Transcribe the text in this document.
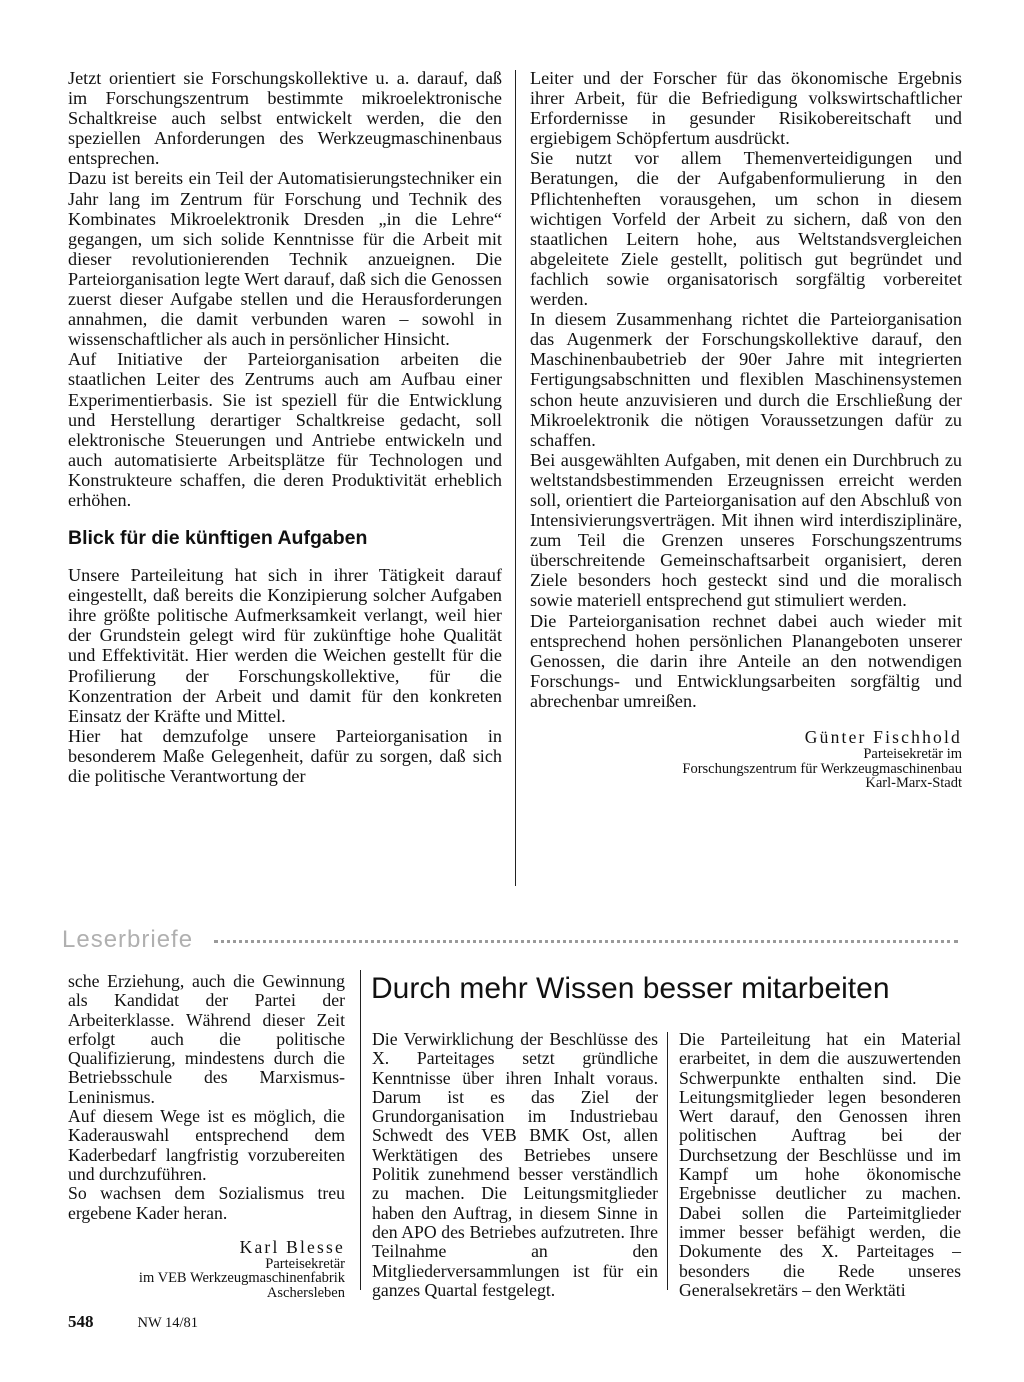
Jetzt orientiert sie Forschungskollektive u. a. darauf, daß im Forschungszentrum bestimmte mikroelektronische Schaltkreise auch selbst entwickelt werden, die den speziellen Anforderungen des Werkzeugmaschinenbaus entsprechen.

Dazu ist bereits ein Teil der Automatisierungstechniker ein Jahr lang im Zentrum für Forschung und Technik des Kombinates Mikroelektronik Dresden „in die Lehre“ gegangen, um sich solide Kenntnisse für die Arbeit mit dieser revolutionierenden Technik anzueignen. Die Parteiorganisation legte Wert darauf, daß sich die Genossen zuerst dieser Aufgabe stellen und die Herausforderungen annahmen, die damit verbunden waren – sowohl in wissenschaftlicher als auch in persönlicher Hinsicht.

Auf Initiative der Parteiorganisation arbeiten die staatlichen Leiter des Zentrums auch am Aufbau einer Experimentierbasis. Sie ist speziell für die Entwicklung und Herstellung derartiger Schaltkreise gedacht, soll elektronische Steuerungen und Antriebe entwickeln und auch automatisierte Arbeitsplätze für Technologen und Konstrukteure schaffen, die deren Produktivität erheblich erhöhen.

Blick für die künftigen Aufgaben

Unsere Parteileitung hat sich in ihrer Tätigkeit darauf eingestellt, daß bereits die Konzipierung solcher Aufgaben ihre größte politische Aufmerksamkeit verlangt, weil hier der Grundstein gelegt wird für zukünftige hohe Qualität und Effektivität. Hier werden die Weichen gestellt für die Profilierung der Forschungskollektive, für die Konzentration der Arbeit und damit für den konkreten Einsatz der Kräfte und Mittel.

Hier hat demzufolge unsere Parteiorganisation in besonderem Maße Gelegenheit, dafür zu sorgen, daß sich die politische Verantwortung der

Leiter und der Forscher für das ökonomische Ergebnis ihrer Arbeit, für die Befriedigung volkswirtschaftlicher Erfordernisse in gesunder Risikobereitschaft und ergiebigem Schöpfertum ausdrückt.

Sie nutzt vor allem Themenverteidigungen und Beratungen, die der Aufgabenformulierung in den Pflichtenheften vorausgehen, um schon in diesem wichtigen Vorfeld der Arbeit zu sichern, daß von den staatlichen Leitern hohe, aus Weltstandsvergleichen abgeleitete Ziele gestellt, politisch gut begründet und fachlich sowie organisatorisch sorgfältig vorbereitet werden.

In diesem Zusammenhang richtet die Parteiorganisation das Augenmerk der Forschungskollektive darauf, den Maschinenbaubetrieb der 90er Jahre mit integrierten Fertigungsabschnitten und flexiblen Maschinensystemen schon heute anzuvisieren und durch die Erschließung der Mikroelektronik die nötigen Voraussetzungen dafür zu schaffen.

Bei ausgewählten Aufgaben, mit denen ein Durchbruch zu weltstandsbestimmenden Erzeugnissen erreicht werden soll, orientiert die Parteiorganisation auf den Abschluß von Intensivierungsverträgen. Mit ihnen wird interdisziplinäre, zum Teil die Grenzen unseres Forschungszentrums überschreitende Gemeinschaftsarbeit organisiert, deren Ziele besonders hoch gesteckt sind und die moralisch sowie materiell entsprechend gut stimuliert werden.

Die Parteiorganisation rechnet dabei auch wieder mit entsprechend hohen persönlichen Planangeboten unserer Genossen, die darin ihre Anteile an den notwendigen Forschungs- und Entwicklungsarbeiten sorgfältig und abrechenbar umreißen.

Günter Fischhold
Parteisekretär im
Forschungszentrum für Werkzeugmaschinenbau
Karl-Marx-Stadt
Leserbriefe

sche Erziehung, auch die Gewinnung als Kandidat der Partei der Arbeiterklasse. Während dieser Zeit erfolgt auch die politische Qualifizierung, mindestens durch die Betriebsschule des Marxismus-Leninismus.

Auf diesem Wege ist es möglich, die Kaderauswahl entsprechend dem Kaderbedarf langfristig vorzubereiten und durchzuführen.

So wachsen dem Sozialismus treu ergebene Kader heran.

Karl Blesse
Parteisekretär
im VEB Werkzeugmaschinenfabrik
Aschersleben
Durch mehr Wissen besser mitarbeiten

Die Verwirklichung der Beschlüsse des X. Parteitages setzt gründliche Kenntnisse über ihren Inhalt voraus. Darum ist es das Ziel der Grundorganisation im Industriebau Schwedt des VEB BMK Ost, allen Werktätigen des Betriebes unsere Politik zunehmend besser verständlich zu machen. Die Leitungsmitglieder haben den Auftrag, in diesem Sinne in den APO des Betriebes aufzutreten. Ihre Teilnahme an den Mitgliederversammlungen ist für ein ganzes Quartal festgelegt.

Die Parteileitung hat ein Material erarbeitet, in dem die auszuwertenden Schwerpunkte enthalten sind. Die Leitungsmitglieder legen besonderen Wert darauf, den Genossen ihren politischen Auftrag bei der Durchsetzung der Beschlüsse und im Kampf um hohe ökonomische Ergebnisse deutlicher zu machen. Dabei sollen die Parteimitglieder immer besser befähigt werden, die Dokumente des X. Parteitages – besonders die Rede unseres Generalsekretärs – den Werktäti

548	NW 14/81
